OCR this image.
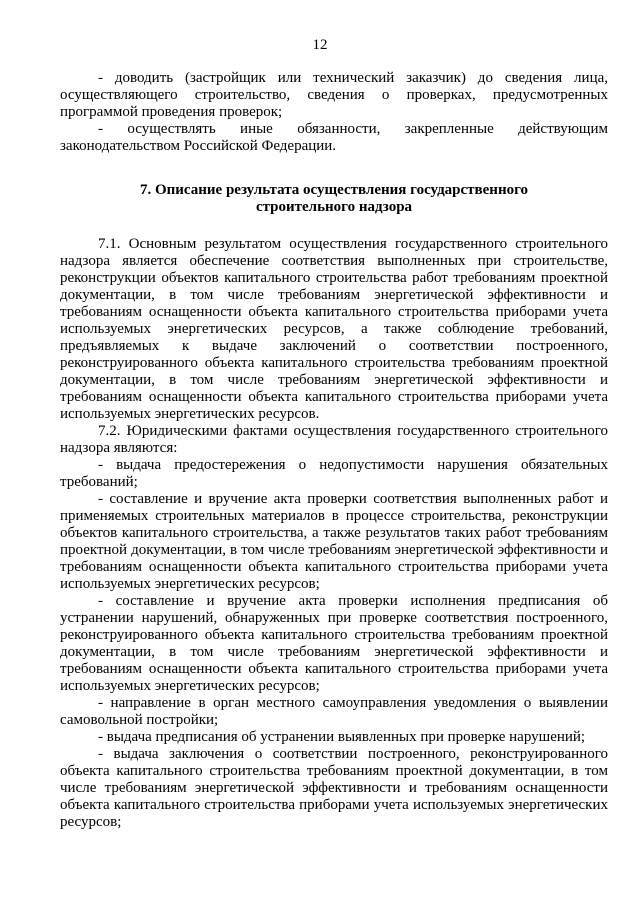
12

- доводить (застройщик или технический заказчик) до сведения лица, осуществляющего строительство, сведения о проверках, предусмотренных программой проведения проверок;

- осуществлять иные обязанности, закрепленные действующим законодательством Российской Федерации.

7. Описание результата осуществления государственного строительного надзора

7.1. Основным результатом осуществления государственного строительного надзора является обеспечение соответствия выполненных при строительстве, реконструкции объектов капитального строительства работ требованиям проектной документации, в том числе требованиям энергетической эффективности и требованиям оснащенности объекта капитального строительства приборами учета используемых энергетических ресурсов, а также соблюдение требований, предъявляемых к выдаче заключений о соответствии построенного, реконструированного объекта капитального строительства требованиям проектной документации, в том числе требованиям энергетической эффективности и требованиям оснащенности объекта капитального строительства приборами учета используемых энергетических ресурсов.

7.2. Юридическими фактами осуществления государственного строительного надзора являются:

- выдача предостережения о недопустимости нарушения обязательных требований;

- составление и вручение акта проверки соответствия выполненных работ и применяемых строительных материалов в процессе строительства, реконструкции объектов капитального строительства, а также результатов таких работ требованиям проектной документации, в том числе требованиям энергетической эффективности и требованиям оснащенности объекта капитального строительства приборами учета используемых энергетических ресурсов;

- составление и вручение акта проверки исполнения предписания об устранении нарушений, обнаруженных при проверке соответствия построенного, реконструированного объекта капитального строительства требованиям проектной документации, в том числе требованиям энергетической эффективности и требованиям оснащенности объекта капитального строительства приборами учета используемых энергетических ресурсов;

- направление в орган местного самоуправления уведомления о выявлении самовольной постройки;

- выдача предписания об устранении выявленных при проверке нарушений;

- выдача заключения о соответствии построенного, реконструированного объекта капитального строительства требованиям проектной документации, в том числе требованиям энергетической эффективности и требованиям оснащенности объекта капитального строительства приборами учета используемых энергетических ресурсов;
